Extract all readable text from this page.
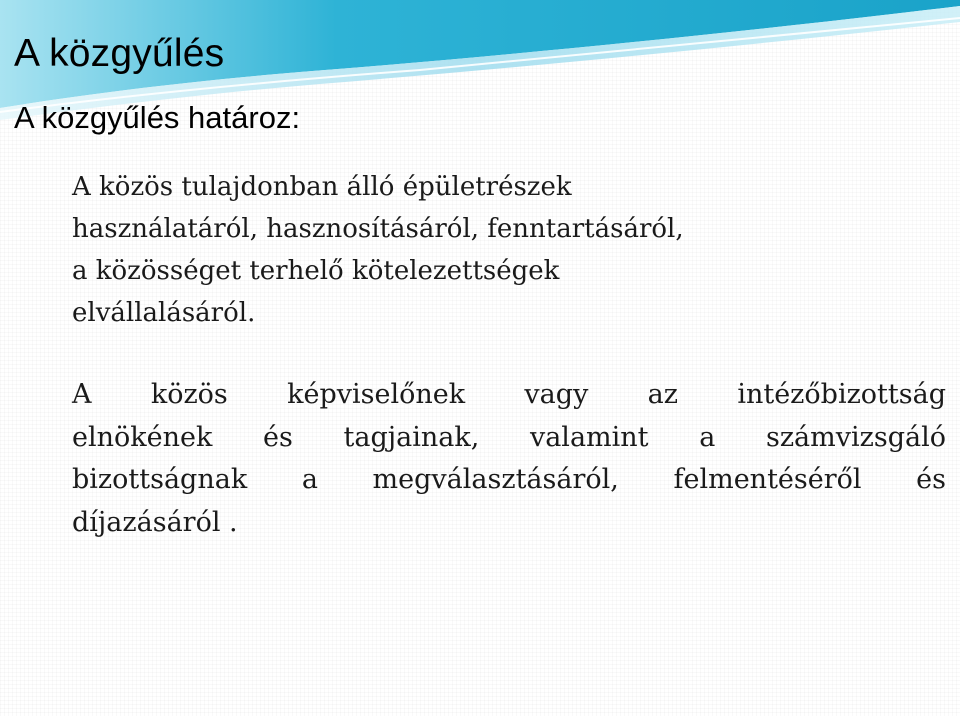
A közgyűlés
A közgyűlés határoz:
A közös tulajdonban álló épületrészek
használatáról, hasznosításáról, fenntartásáról,
a közösséget terhelő kötelezettségek
elvállalásáról.
A közös képviselőnek vagy az intézőbizottság
elnökének és tagjainak, valamint a számvizsgáló
bizottságnak a megválasztásáról, felmentéséről és
díjazásáról .
